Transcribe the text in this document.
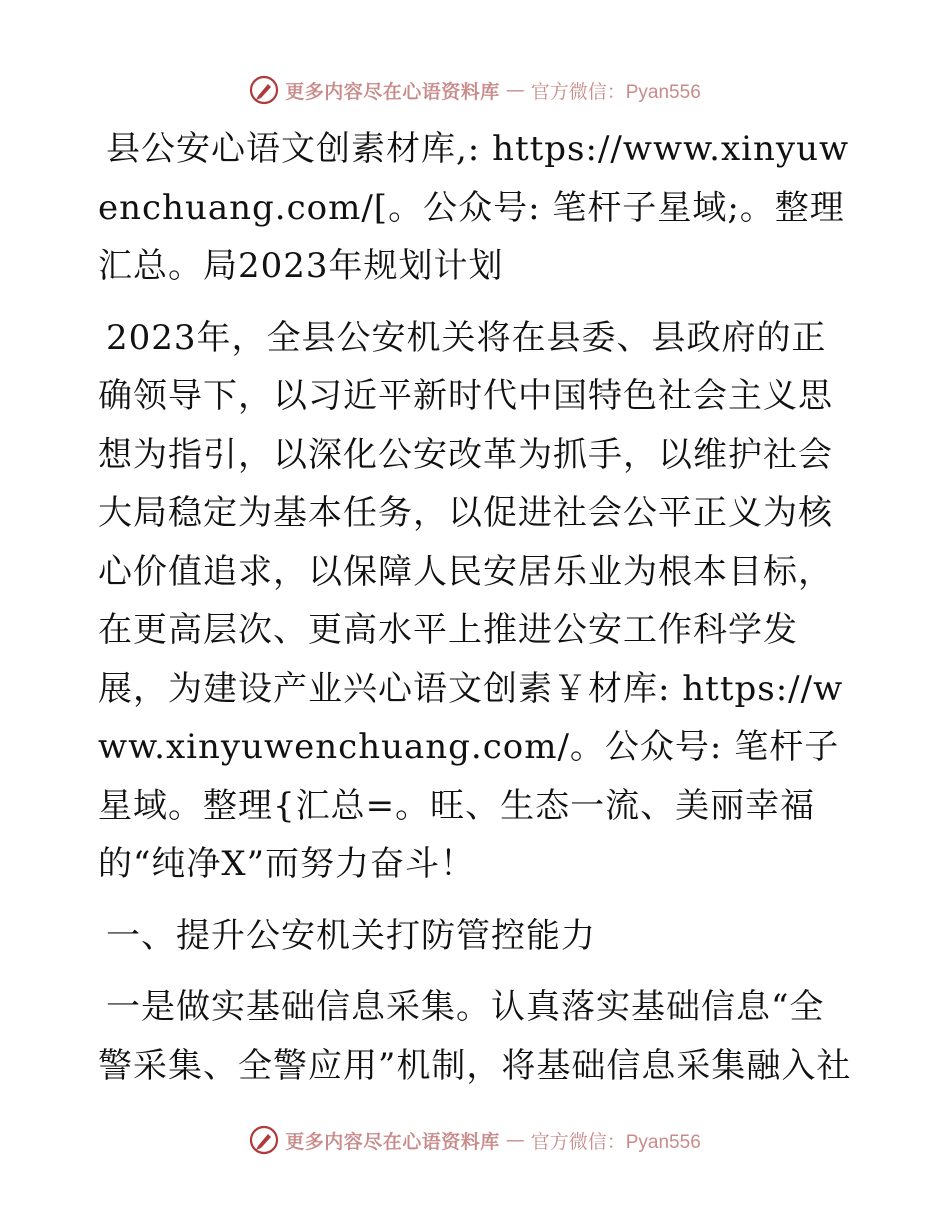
更多内容尽在心语资料库 — 官方微信：Pyan556

县公安心语文创素材库,: https://www.xinyuwenchuang.com/[。公众号: 笔杆子星域;。整理汇总。局2023年规划计划

2023年，全县公安机关将在县委、县政府的正确领导下，以习近平新时代中国特色社会主义思想为指引，以深化公安改革为抓手，以维护社会大局稳定为基本任务，以促进社会公平正义为核心价值追求，以保障人民安居乐业为根本目标，在更高层次、更高水平上推进公安工作科学发展，为建设产业兴心语文创素￥材库: https://www.xinyuwenchuang.com/。公众号: 笔杆子星域。整理{汇总=。旺、生态一流、美丽幸福的“纯净X”而努力奋斗！

一、提升公安机关打防管控能力

一是做实基础信息采集。认真落实基础信息“全警采集、全警应用”机制，将基础信息采集融入社

更多内容尽在心语资料库 — 官方微信：Pyan556
